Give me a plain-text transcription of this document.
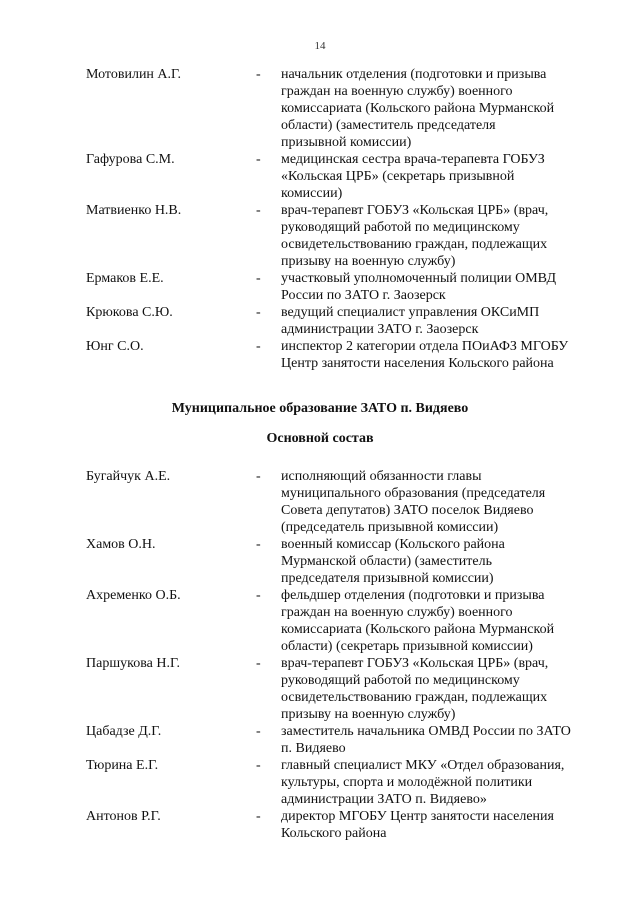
14
Мотовилин А.Г.	-	начальник отделения (подготовки и призыва
граждан на военную службу) военного
комиссариата (Кольского района Мурманской
области) (заместитель председателя
призывной комиссии)
Гафурова С.М.	-	медицинская сестра врача-терапевта ГОБУЗ
«Кольская ЦРБ» (секретарь призывной
комиссии)
Матвиенко Н.В.	-	врач-терапевт ГОБУЗ «Кольская ЦРБ» (врач,
руководящий работой по медицинскому
освидетельствованию граждан, подлежащих
призыву на военную службу)
Ермаков Е.Е.	-	участковый уполномоченный полиции ОМВД
России по ЗАТО г. Заозерск
Крюкова С.Ю.	-	ведущий специалист управления ОКСиМП
администрации ЗАТО г. Заозерск
Юнг С.О.	-	инспектор 2 категории отдела ПОиАФЗ МГОБУ
Центр занятости населения Кольского района
Муниципальное образование ЗАТО п. Видяево
Основной состав
Бугайчук А.Е.	-	исполняющий обязанности главы
муниципального образования (председателя
Совета депутатов) ЗАТО поселок Видяево
(председатель призывной комиссии)
Хамов О.Н.	-	военный комиссар (Кольского района
Мурманской области) (заместитель
председателя призывной комиссии)
Ахременко О.Б.	-	фельдшер отделения (подготовки и призыва
граждан на военную службу) военного
комиссариата (Кольского района Мурманской
области) (секретарь призывной комиссии)
Паршукова Н.Г.	-	врач-терапевт ГОБУЗ «Кольская ЦРБ» (врач,
руководящий работой по медицинскому
освидетельствованию граждан, подлежащих
призыву на военную службу)
Цабадзе Д.Г.	-	заместитель начальника ОМВД России по ЗАТО
п. Видяево
Тюрина Е.Г.	-	главный специалист МКУ «Отдел образования,
культуры, спорта и молодёжной политики
администрации ЗАТО п. Видяево»
Антонов Р.Г.	-	директор МГОБУ Центр занятости населения
Кольского района
